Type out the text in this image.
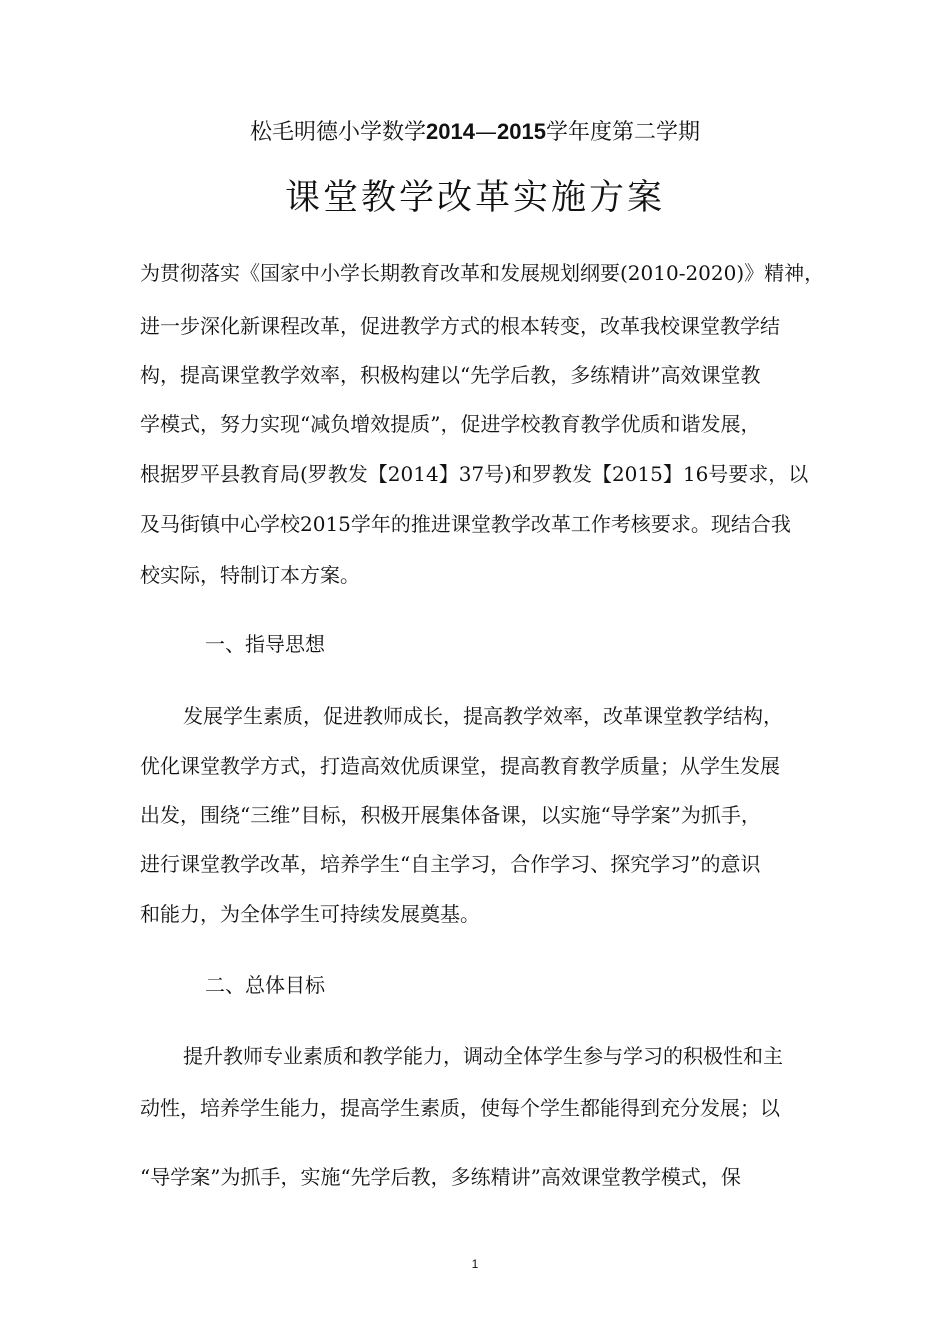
松毛明德小学数学2014—2015学年度第二学期
课堂教学改革实施方案
为贯彻落实《国家中小学长期教育改革和发展规划纲要(2010-2020)》精神，
进一步深化新课程改革，促进教学方式的根本转变，改革我校课堂教学结
构，提高课堂教学效率，积极构建以“先学后教，多练精讲”高效课堂教
学模式，努力实现“减负增效提质”，促进学校教育教学优质和谐发展，
根据罗平县教育局(罗教发【2014】37号)和罗教发【2015】16号要求，以
及马街镇中心学校2015学年的推进课堂教学改革工作考核要求。现结合我
校实际，特制订本方案。
一、指导思想
发展学生素质，促进教师成长，提高教学效率，改革课堂教学结构，
优化课堂教学方式，打造高效优质课堂，提高教育教学质量；从学生发展
出发，围绕“三维”目标，积极开展集体备课，以实施“导学案”为抓手，
进行课堂教学改革，培养学生“自主学习，合作学习、探究学习”的意识
和能力，为全体学生可持续发展奠基。
二、总体目标
提升教师专业素质和教学能力，调动全体学生参与学习的积极性和主
动性，培养学生能力，提高学生素质，使每个学生都能得到充分发展；以
“导学案”为抓手，实施“先学后教，多练精讲”高效课堂教学模式，保
1
